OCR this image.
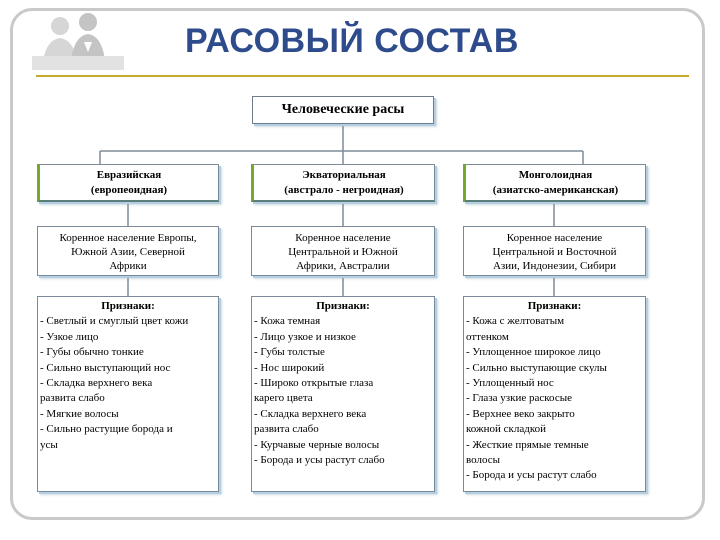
РАСОВЫЙ СОСТАВ
Человеческие расы
Евразийская
(европеоидная)
Экваториальная
(австрало - негроидная)
Монголоидная
(азиатско-американская)
Коренное население Европы,
Южной Азии, Северной
Африки
Коренное население
Центральной и Южной
Африки, Австралии
Коренное население
Центральной и Восточной
Азии, Индонезии, Сибири
Признаки:
- Светлый и смуглый цвет кожи
- Узкое лицо
- Губы обычно тонкие
- Сильно выступающий нос
- Складка верхнего века
развита слабо
- Мягкие волосы
- Сильно растущие борода и
усы
Признаки:
- Кожа темная
- Лицо узкое и низкое
- Губы толстые
- Нос широкий
- Широко открытые глаза
карего цвета
- Складка верхнего века
развита слабо
- Курчавые черные волосы
- Борода и усы растут слабо
Признаки:
- Кожа с желтоватым
оттенком
- Уплощенное широкое лицо
- Сильно выступающие скулы
- Уплощенный нос
- Глаза узкие раскосые
- Верхнее веко закрыто
кожной складкой
- Жесткие прямые темные
волосы
- Борода и усы растут слабо
